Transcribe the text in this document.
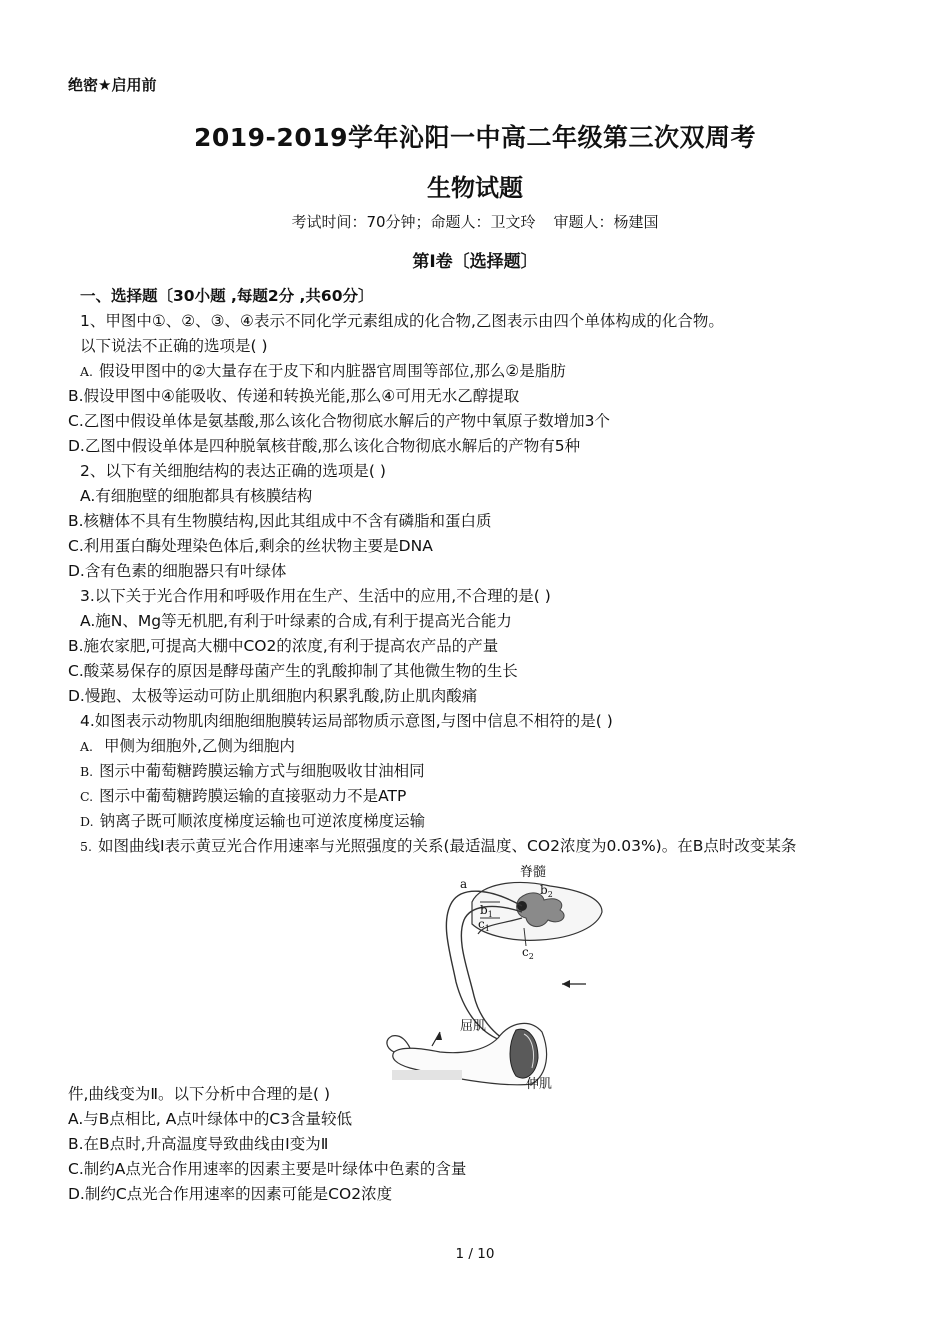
绝密★启用前
2019-2019学年沁阳一中高二年级第三次双周考
生物试题
考试时间：70分钟；命题人：卫文玲 审题人：杨建国
第I卷〔选择题〕
一、选择题〔30小题 ,每题2分 ,共60分〕
1、甲图中①、②、③、④表示不同化学元素组成的化合物,乙图表示由四个单体构成的化合物。
以下说法不正确的选项是( )
A. 假设甲图中的②大量存在于皮下和内脏器官周围等部位,那么②是脂肪
B.假设甲图中④能吸收、传递和转换光能,那么④可用无水乙醇提取
C.乙图中假设单体是氨基酸,那么该化合物彻底水解后的产物中氧原子数增加3个
D.乙图中假设单体是四种脱氧核苷酸,那么该化合物彻底水解后的产物有5种
2、以下有关细胞结构的表达正确的选项是( )
A.有细胞壁的细胞都具有核膜结构
B.核糖体不具有生物膜结构,因此其组成中不含有磷脂和蛋白质
C.利用蛋白酶处理染色体后,剩余的丝状物主要是DNA
D.含有色素的细胞器只有叶绿体
3.以下关于光合作用和呼吸作用在生产、生活中的应用,不合理的是( )
A.施N、Mg等无机肥,有利于叶绿素的合成,有利于提高光合能力
B.施农家肥,可提高大棚中CO2的浓度,有利于提高农产品的产量
C.酸菜易保存的原因是酵母菌产生的乳酸抑制了其他微生物的生长
D.慢跑、太极等运动可防止肌细胞内积累乳酸,防止肌肉酸痛
4.如图表示动物肌肉细胞细胞膜转运局部物质示意图,与图中信息不相符的是( )
A. 甲侧为细胞外,乙侧为细胞内
B. 图示中葡萄糖跨膜运输方式与细胞吸收甘油相同
C. 图示中葡萄糖跨膜运输的直接驱动力不是ATP
D. 钠离子既可顺浓度梯度运输也可逆浓度梯度运输
5. 如图曲线Ⅰ表示黄豆光合作用速率与光照强度的关系(最适温度、CO2浓度为0.03%)。在B点时改变某条
脊髓
a	$b_2$
$b_1$
$c_1$
$c_2$
屈肌
伸肌
件,曲线变为Ⅱ。以下分析中合理的是( )
A.与B点相比, A点叶绿体中的C3含量较低
B.在B点时,升高温度导致曲线由Ⅰ变为Ⅱ
C.制约A点光合作用速率的因素主要是叶绿体中色素的含量
D.制约C点光合作用速率的因素可能是CO2浓度
1 / 10
